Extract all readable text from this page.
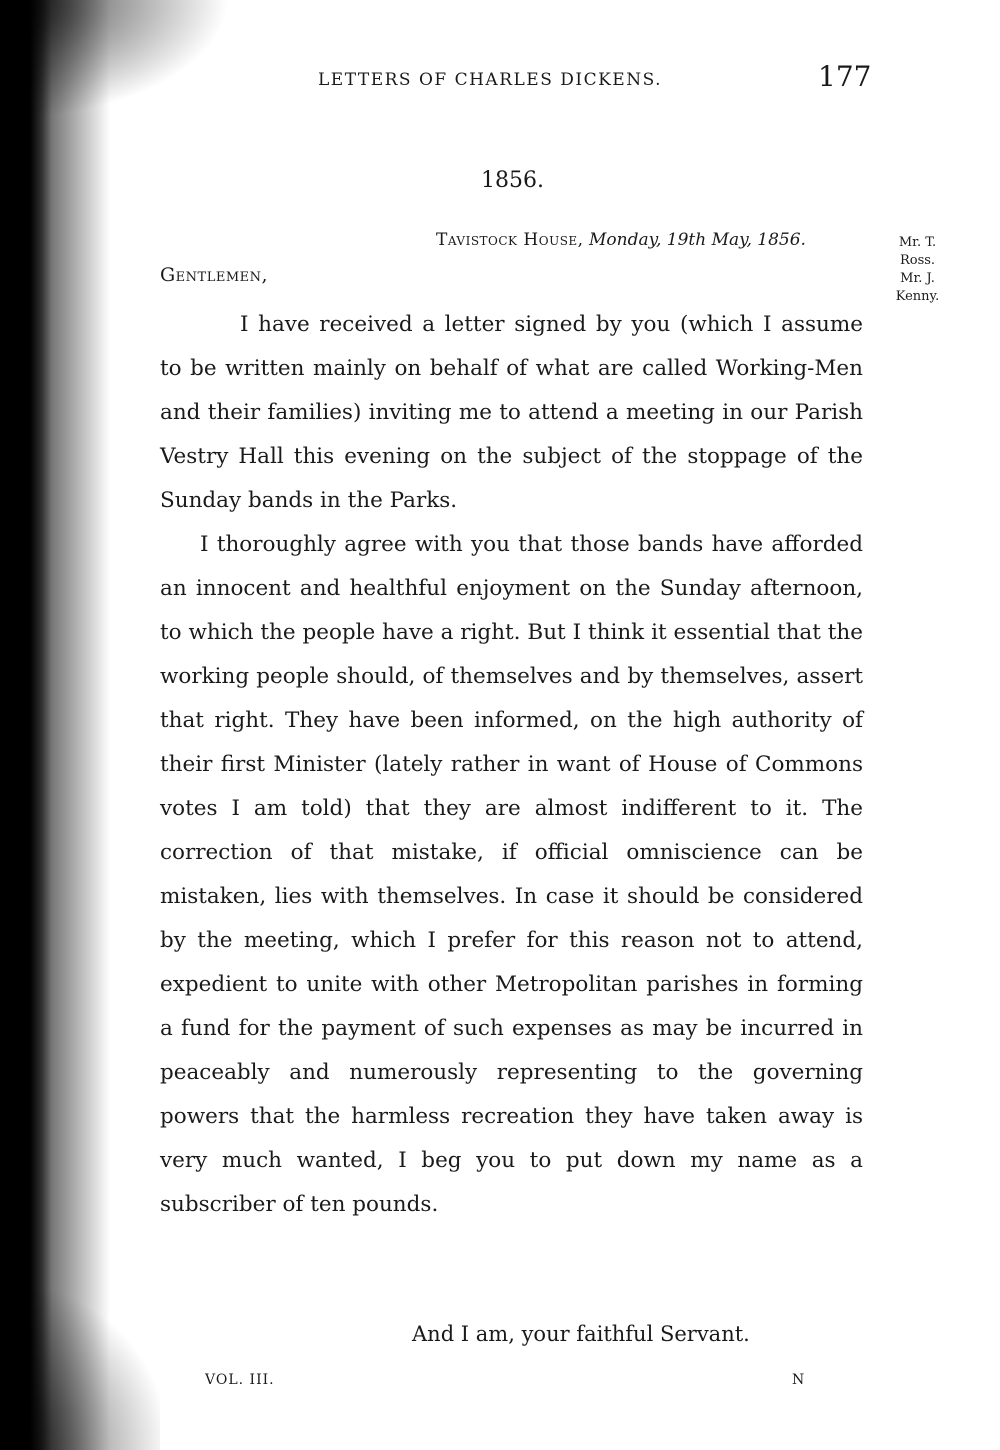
LETTERS OF CHARLES DICKENS.	177
1856.
Tavistock House, Monday, 19th May, 1856.	Mr. T.
Ross.
Mr. J.
Kenny.
Gentlemen,

I have received a letter signed by you (which I assume to be written mainly on behalf of what are called Working-Men and their families) inviting me to attend a meeting in our Parish Vestry Hall this evening on the subject of the stoppage of the Sunday bands in the Parks.

I thoroughly agree with you that those bands have afforded an innocent and healthful enjoyment on the Sunday afternoon, to which the people have a right. But I think it essential that the working people should, of themselves and by themselves, assert that right. They have been informed, on the high authority of their first Minister (lately rather in want of House of Commons votes I am told) that they are almost indifferent to it. The correction of that mistake, if official omniscience can be mistaken, lies with themselves. In case it should be considered by the meeting, which I prefer for this reason not to attend, expedient to unite with other Metropolitan parishes in forming a fund for the payment of such expenses as may be incurred in peaceably and numerously representing to the governing powers that the harmless recreation they have taken away is very much wanted, I beg you to put down my name as a subscriber of ten pounds.

And I am, your faithful Servant.
VOL. III.	N
